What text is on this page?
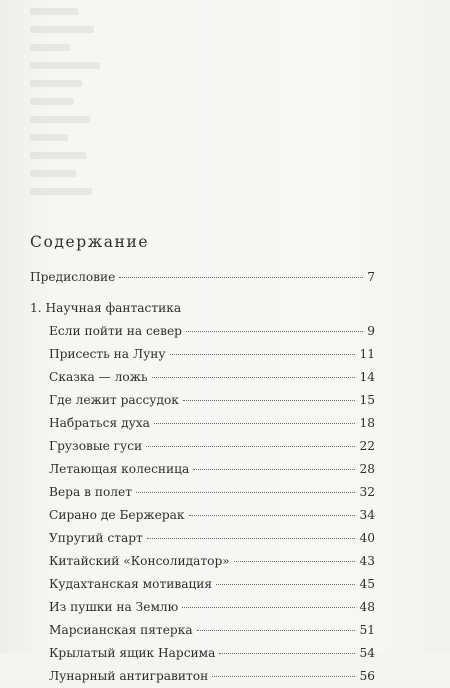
Содержание
Предисловие	7
1. Научная фантастика
Если пойти на север	9
Присесть на Луну	11
Сказка — ложь	14
Где лежит рассудок	15
Набраться духа	18
Грузовые гуси	22
Летающая колесница	28
Вера в полет	32
Сирано де Бержерак	34
Упругий старт	40
Китайский «Консолидатор»	43
Кудахтанская мотивация	45
Из пушки на Землю	48
Марсианская пятерка	51
Крылатый ящик Нарсима	54
Лунарный антигравитон	56
